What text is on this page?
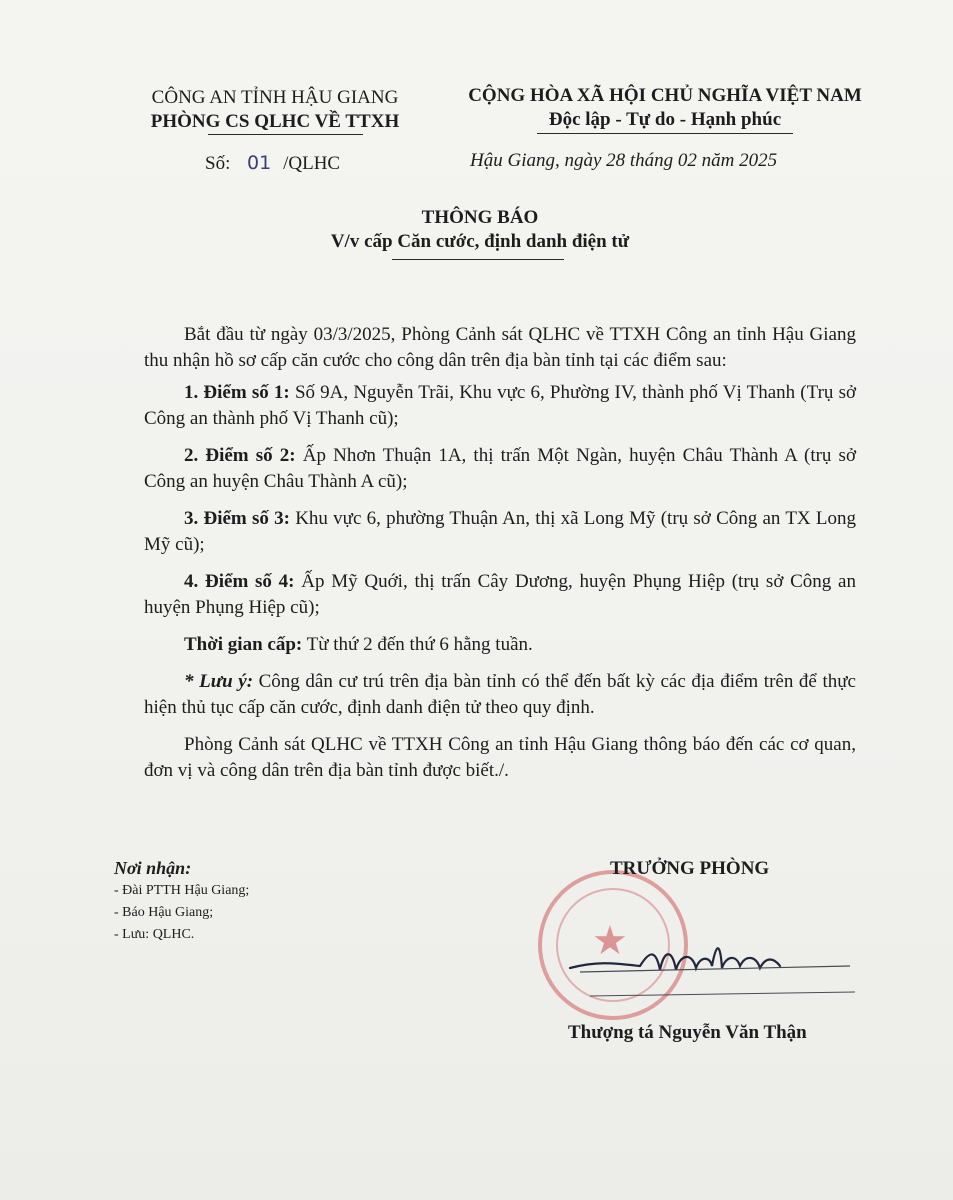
CÔNG AN TỈNH HẬU GIANG
PHÒNG CS QLHC VỀ TTXH
CỘNG HÒA XÃ HỘI CHỦ NGHĨA VIỆT NAM
Độc lập - Tự do - Hạnh phúc
Số: 01 /QLHC	Hậu Giang, ngày 28 tháng 02 năm 2025
THÔNG BÁO
V/v cấp Căn cước, định danh điện tử

Bắt đầu từ ngày 03/3/2025, Phòng Cảnh sát QLHC về TTXH Công an tỉnh Hậu Giang thu nhận hồ sơ cấp căn cước cho công dân trên địa bàn tỉnh tại các điểm sau:

1. Điểm số 1: Số 9A, Nguyễn Trãi, Khu vực 6, Phường IV, thành phố Vị Thanh (Trụ sở Công an thành phố Vị Thanh cũ);

2. Điểm số 2: Ấp Nhơn Thuận 1A, thị trấn Một Ngàn, huyện Châu Thành A (trụ sở Công an huyện Châu Thành A cũ);

3. Điểm số 3: Khu vực 6, phường Thuận An, thị xã Long Mỹ (trụ sở Công an TX Long Mỹ cũ);

4. Điểm số 4: Ấp Mỹ Quới, thị trấn Cây Dương, huyện Phụng Hiệp (trụ sở Công an huyện Phụng Hiệp cũ);

Thời gian cấp: Từ thứ 2 đến thứ 6 hằng tuần.

* Lưu ý: Công dân cư trú trên địa bàn tỉnh có thể đến bất kỳ các địa điểm trên để thực hiện thủ tục cấp căn cước, định danh điện tử theo quy định.

Phòng Cảnh sát QLHC về TTXH Công an tỉnh Hậu Giang thông báo đến các cơ quan, đơn vị và công dân trên địa bàn tỉnh được biết./.

Nơi nhận:
- Đài PTTH Hậu Giang;
- Báo Hậu Giang;
- Lưu: QLHC.	★
TRƯỞNG PHÒNG
Thượng tá Nguyễn Văn Thận
